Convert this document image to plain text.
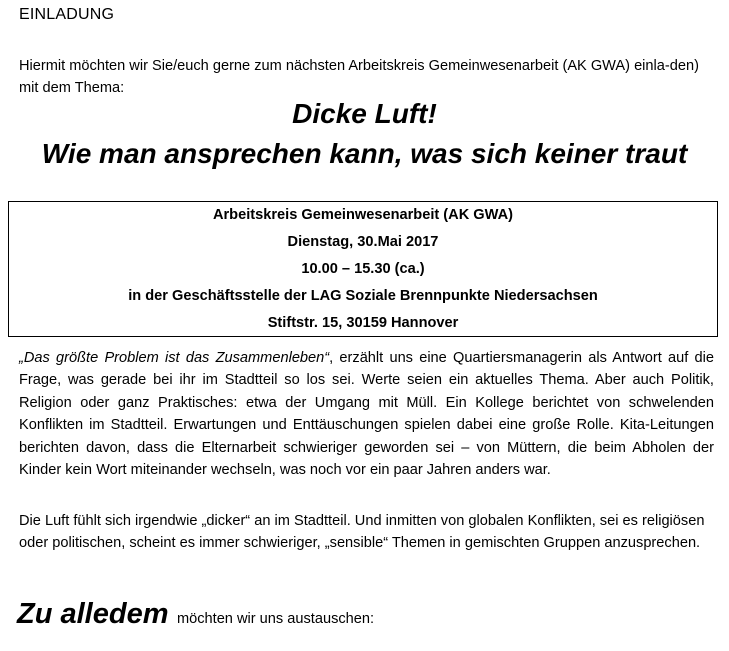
EINLADUNG
Hiermit möchten wir Sie/euch gerne zum nächsten Arbeitskreis Gemeinwesenarbeit (AK GWA) einla-den) mit dem Thema:
Dicke Luft!
Wie man ansprechen kann, was sich keiner traut
Arbeitskreis Gemeinwesenarbeit (AK GWA)
Dienstag, 30.Mai 2017
10.00 – 15.30 (ca.)
in der Geschäftsstelle der LAG Soziale Brennpunkte Niedersachsen
Stiftstr. 15, 30159 Hannover
„Das größte Problem ist das Zusammenleben“, erzählt uns eine Quartiersmanagerin als Antwort auf die Frage, was gerade bei ihr im Stadtteil so los sei. Werte seien ein aktuelles Thema. Aber auch Politik, Religion oder ganz Praktisches: etwa der Umgang mit Müll. Ein Kollege berichtet von schwelenden Konflikten im Stadtteil. Erwartungen und Enttäuschungen spielen dabei eine große Rolle. Kita-Leitungen berichten davon, dass die Elternarbeit schwieriger geworden sei – von Müttern, die beim Abholen der Kinder kein Wort miteinander wechseln, was noch vor ein paar Jahren anders war.
Die Luft fühlt sich irgendwie „dicker“ an im Stadtteil. Und inmitten von globalen Konflikten, sei es religiösen oder politischen, scheint es immer schwieriger, „sensible“ Themen in gemischten Gruppen anzusprechen.
Zu alledem möchten wir uns austauschen:
